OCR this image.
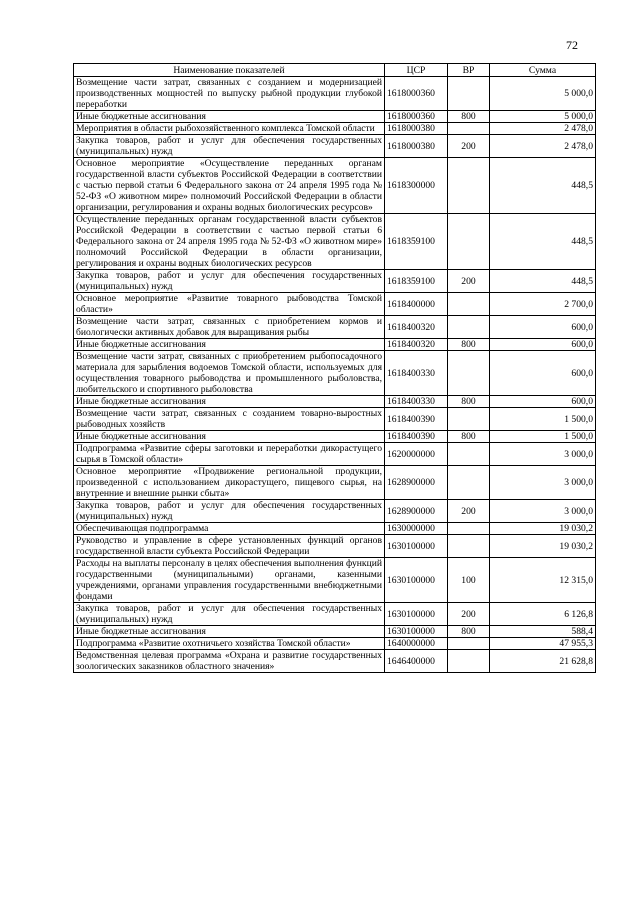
72
Наименование показателей	ЦСР	ВР	Сумма
Возмещение части затрат, связанных с созданием и модернизацией производственных мощностей по выпуску рыбной продукции глубокой переработки	1618000360		5 000,0
Иные бюджетные ассигнования	1618000360	800	5 000,0
Мероприятия в области рыбохозяйственного комплекса Томской области	1618000380		2 478,0
Закупка товаров, работ и услуг для обеспечения государственных (муниципальных) нужд	1618000380	200	2 478,0
Основное мероприятие «Осуществление переданных органам государственной власти субъектов Российской Федерации в соответствии с частью первой статьи 6 Федерального закона от 24 апреля 1995 года № 52-ФЗ «О животном мире» полномочий Российской Федерации в области организации, регулирования и охраны водных биологических ресурсов»	1618300000		448,5
Осуществление переданных органам государственной власти субъектов Российской Федерации в соответствии с частью первой статьи 6 Федерального закона от 24 апреля 1995 года № 52-ФЗ «О животном мире» полномочий Российской Федерации в области организации, регулирования и охраны водных биологических ресурсов	1618359100		448,5
Закупка товаров, работ и услуг для обеспечения государственных (муниципальных) нужд	1618359100	200	448,5
Основное мероприятие «Развитие товарного рыбоводства Томской области»	1618400000		2 700,0
Возмещение части затрат, связанных с приобретением кормов и биологически активных добавок для выращивания рыбы	1618400320		600,0
Иные бюджетные ассигнования	1618400320	800	600,0
Возмещение части затрат, связанных с приобретением рыбопосадочного материала для зарыбления водоемов Томской области, используемых для осуществления товарного рыбоводства и промышленного рыболовства, любительского и спортивного рыболовства	1618400330		600,0
Иные бюджетные ассигнования	1618400330	800	600,0
Возмещение части затрат, связанных с созданием товарно-выростных рыбоводных хозяйств	1618400390		1 500,0
Иные бюджетные ассигнования	1618400390	800	1 500,0
Подпрограмма «Развитие сферы заготовки и переработки дикорастущего сырья в Томской области»	1620000000		3 000,0
Основное мероприятие «Продвижение региональной продукции, произведенной с использованием дикорастущего, пищевого сырья, на внутренние и внешние рынки сбыта»	1628900000		3 000,0
Закупка товаров, работ и услуг для обеспечения государственных (муниципальных) нужд	1628900000	200	3 000,0
Обеспечивающая подпрограмма	1630000000		19 030,2
Руководство и управление в сфере установленных функций органов государственной власти субъекта Российской Федерации	1630100000		19 030,2
Расходы на выплаты персоналу в целях обеспечения выполнения функций государственными (муниципальными) органами, казенными учреждениями, органами управления государственными внебюджетными фондами	1630100000	100	12 315,0
Закупка товаров, работ и услуг для обеспечения государственных (муниципальных) нужд	1630100000	200	6 126,8
Иные бюджетные ассигнования	1630100000	800	588,4
Подпрограмма «Развитие охотничьего хозяйства Томской области»	1640000000		47 955,3
Ведомственная целевая программа «Охрана и развитие государственных зоологических заказников областного значения»	1646400000		21 628,8
